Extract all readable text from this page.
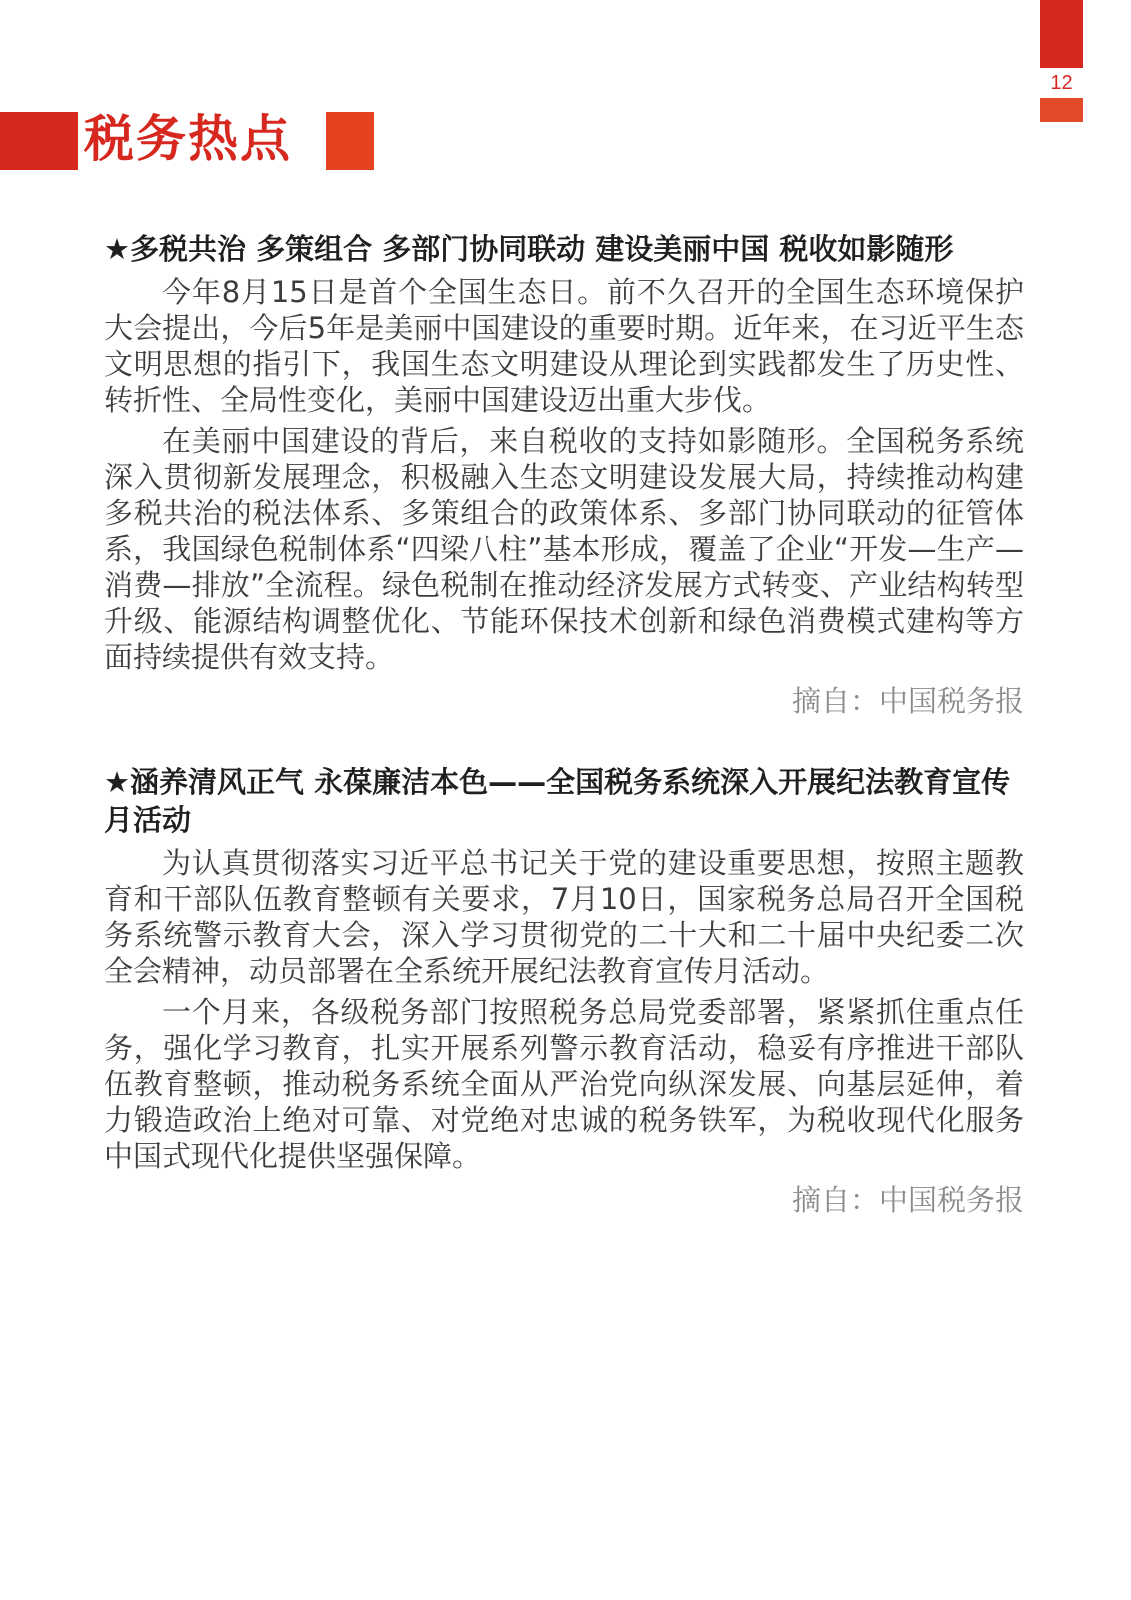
12
税务热点
★多税共治 多策组合 多部门协同联动 建设美丽中国 税收如影随形

今年8月15日是首个全国生态日。前不久召开的全国生态环境保护大会提出，今后5年是美丽中国建设的重要时期。近年来，在习近平生态文明思想的指引下，我国生态文明建设从理论到实践都发生了历史性、转折性、全局性变化，美丽中国建设迈出重大步伐。

在美丽中国建设的背后，来自税收的支持如影随形。全国税务系统深入贯彻新发展理念，积极融入生态文明建设发展大局，持续推动构建多税共治的税法体系、多策组合的政策体系、多部门协同联动的征管体系，我国绿色税制体系“四梁八柱”基本形成，覆盖了企业“开发—生产—消费—排放”全流程。绿色税制在推动经济发展方式转变、产业结构转型升级、能源结构调整优化、节能环保技术创新和绿色消费模式建构等方面持续提供有效支持。

摘自：中国税务报
★涵养清风正气 永葆廉洁本色——全国税务系统深入开展纪法教育宣传月活动

为认真贯彻落实习近平总书记关于党的建设重要思想，按照主题教育和干部队伍教育整顿有关要求，7月10日，国家税务总局召开全国税务系统警示教育大会，深入学习贯彻党的二十大和二十届中央纪委二次全会精神，动员部署在全系统开展纪法教育宣传月活动。

一个月来，各级税务部门按照税务总局党委部署，紧紧抓住重点任务，强化学习教育，扎实开展系列警示教育活动，稳妥有序推进干部队伍教育整顿，推动税务系统全面从严治党向纵深发展、向基层延伸，着力锻造政治上绝对可靠、对党绝对忠诚的税务铁军，为税收现代化服务中国式现代化提供坚强保障。

摘自：中国税务报
